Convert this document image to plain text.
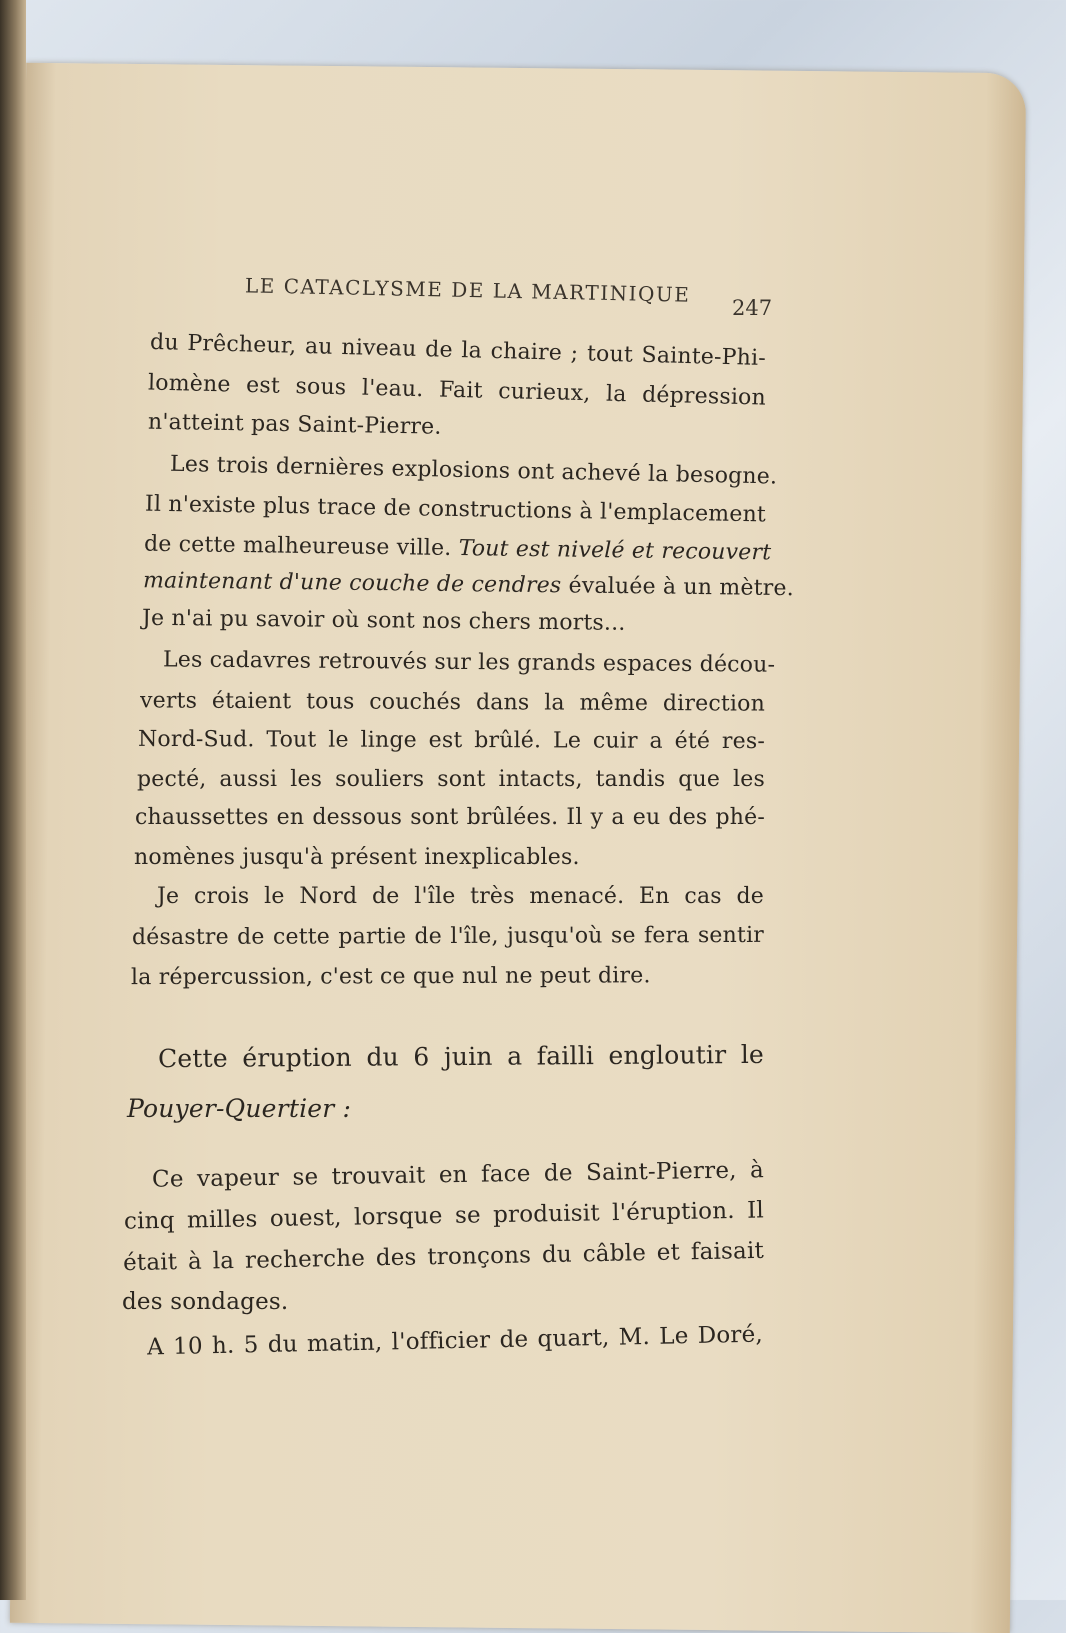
LE CATACLYSME DE LA MARTINIQUE
247
du Prêcheur, au niveau de la chaire ; tout Sainte-Phi-
lomène est sous l'eau. Fait curieux, la dépression
n'atteint pas Saint-Pierre.
Les trois dernières explosions ont achevé la besogne.
Il n'existe plus trace de constructions à l'emplacement
de cette malheureuse ville. Tout est nivelé et recouvert
maintenant d'une couche de cendres évaluée à un mètre.
Je n'ai pu savoir où sont nos chers morts...
Les cadavres retrouvés sur les grands espaces décou-
verts étaient tous couchés dans la même direction
Nord-Sud. Tout le linge est brûlé. Le cuir a été res-
pecté, aussi les souliers sont intacts, tandis que les
chaussettes en dessous sont brûlées. Il y a eu des phé-
nomènes jusqu'à présent inexplicables.
Je crois le Nord de l'île très menacé. En cas de
désastre de cette partie de l'île, jusqu'où se fera sentir
la répercussion, c'est ce que nul ne peut dire.
Cette éruption du 6 juin a failli engloutir le
Pouyer-Quertier :
Ce vapeur se trouvait en face de Saint-Pierre, à
cinq milles ouest, lorsque se produisit l'éruption. Il
était à la recherche des tronçons du câble et faisait
des sondages.
A 10 h. 5 du matin, l'officier de quart, M. Le Doré,
